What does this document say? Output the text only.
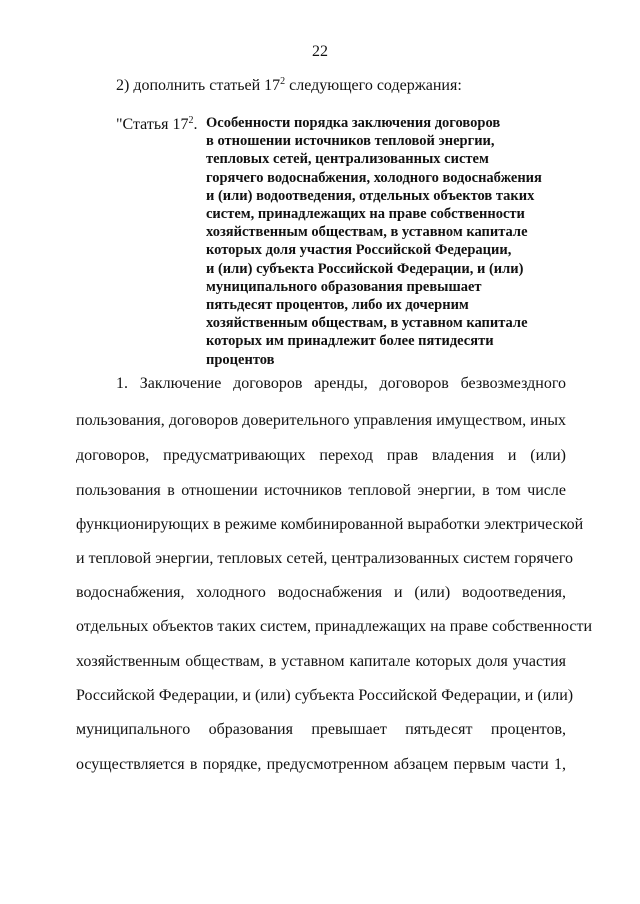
22
2) дополнить статьей $17^2$ следующего содержания:
"Статья $17^2$. Особенности порядка заключения договоров
в отношении источников тепловой энергии,
тепловых сетей, централизованных систем
горячего водоснабжения, холодного водоснабжения
и (или) водоотведения, отдельных объектов таких
систем, принадлежащих на праве собственности
хозяйственным обществам, в уставном капитале
которых доля участия Российской Федерации,
и (или) субъекта Российской Федерации, и (или)
муниципального образования превышает
пятьдесят процентов, либо их дочерним
хозяйственным обществам, в уставном капитале
которых им принадлежит более пятидесяти
процентов
1. Заключение договоров аренды, договоров безвозмездного
пользования, договоров доверительного управления имуществом, иных
договоров, предусматривающих переход прав владения и (или)
пользования в отношении источников тепловой энергии, в том числе
функционирующих в режиме комбинированной выработки электрической
и тепловой энергии, тепловых сетей, централизованных систем горячего
водоснабжения, холодного водоснабжения и (или) водоотведения,
отдельных объектов таких систем, принадлежащих на праве собственности
хозяйственным обществам, в уставном капитале которых доля участия
Российской Федерации, и (или) субъекта Российской Федерации, и (или)
муниципального образования превышает пятьдесят процентов,
осуществляется в порядке, предусмотренном абзацем первым части 1,
